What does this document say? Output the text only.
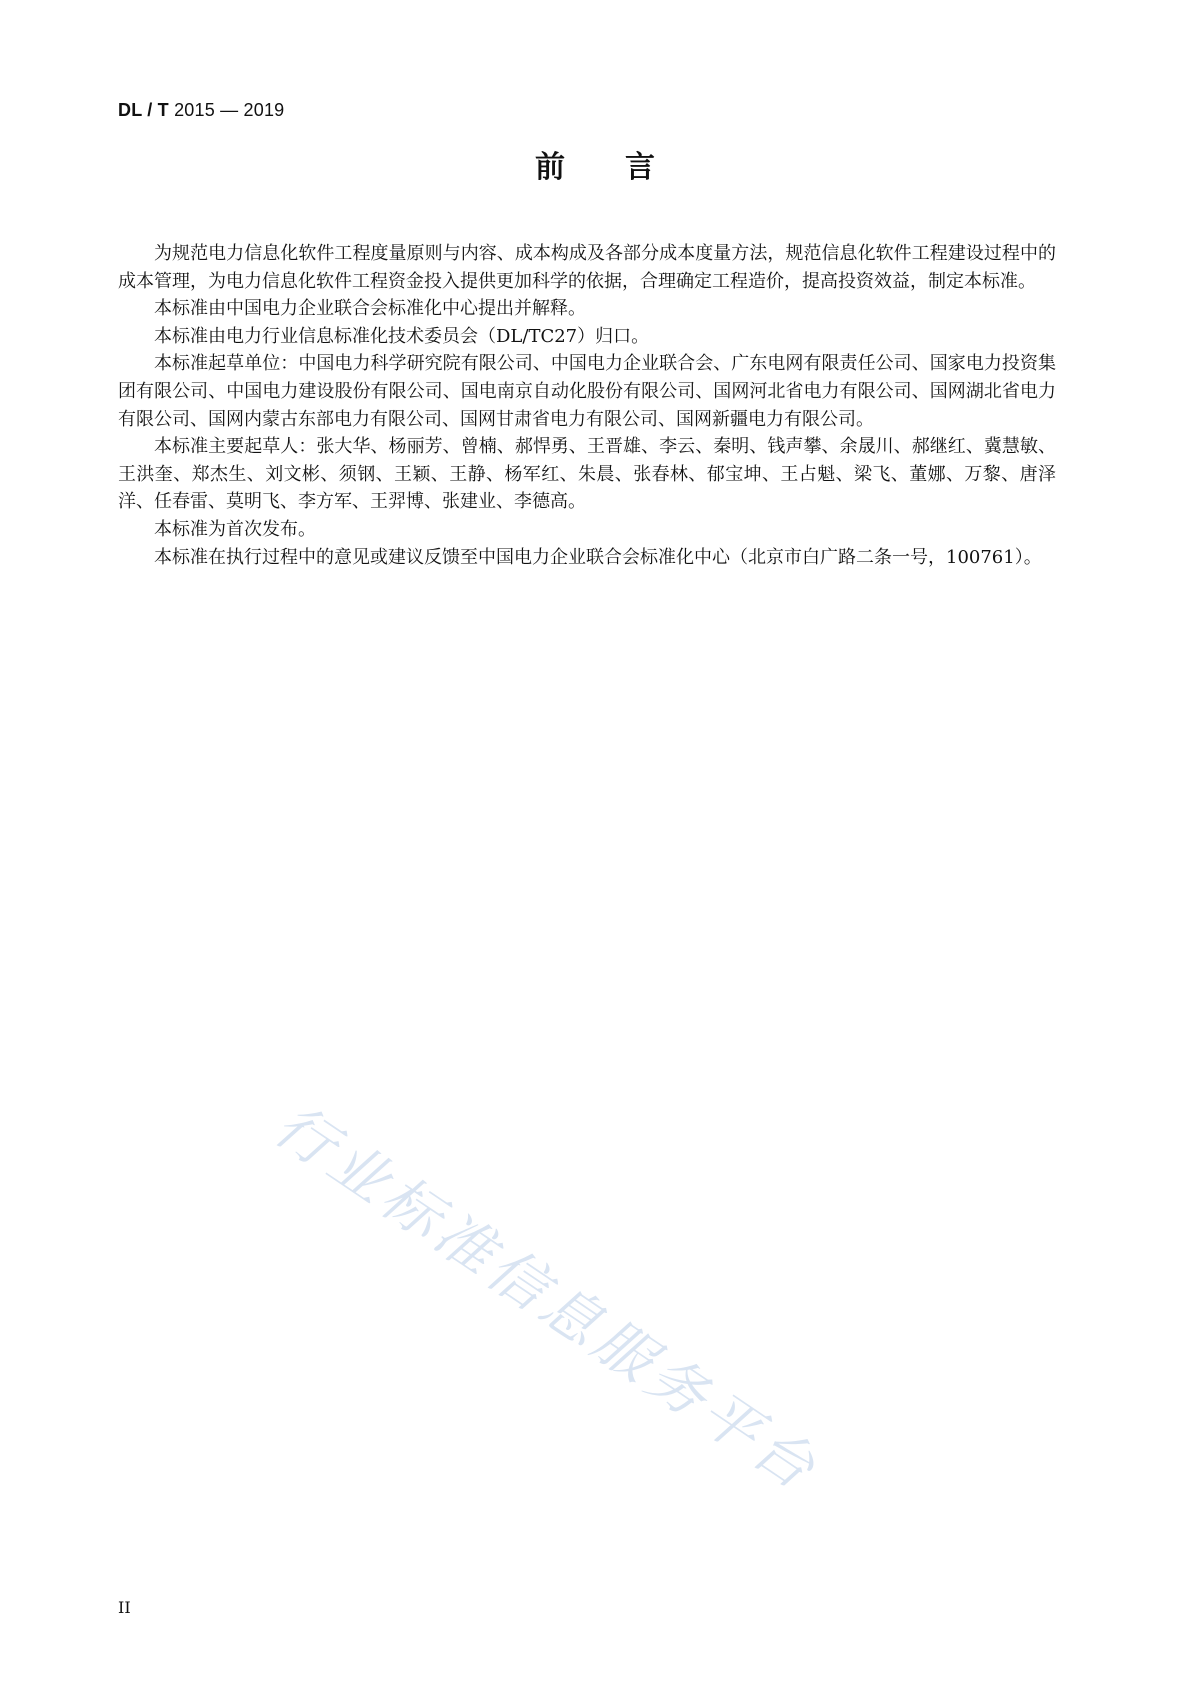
DL / T 2015 — 2019
前 言

为规范电力信息化软件工程度量原则与内容、成本构成及各部分成本度量方法，规范信息化软件工程建设过程中的成本管理，为电力信息化软件工程资金投入提供更加科学的依据，合理确定工程造价，提高投资效益，制定本标准。

本标准由中国电力企业联合会标准化中心提出并解释。

本标准由电力行业信息标准化技术委员会（DL/TC27）归口。

本标准起草单位：中国电力科学研究院有限公司、中国电力企业联合会、广东电网有限责任公司、国家电力投资集团有限公司、中国电力建设股份有限公司、国电南京自动化股份有限公司、国网河北省电力有限公司、国网湖北省电力有限公司、国网内蒙古东部电力有限公司、国网甘肃省电力有限公司、国网新疆电力有限公司。

本标准主要起草人：张大华、杨丽芳、曾楠、郝悍勇、王晋雄、李云、秦明、钱声攀、余晟川、郝继红、冀慧敏、王洪奎、郑杰生、刘文彬、须钢、王颖、王静、杨军红、朱晨、张春林、郁宝坤、王占魁、梁飞、董娜、万黎、唐泽洋、任春雷、莫明飞、李方军、王羿博、张建业、李德高。

本标准为首次发布。

本标准在执行过程中的意见或建议反馈至中国电力企业联合会标准化中心（北京市白广路二条一号，100761）。

行业标准信息服务平台
II
